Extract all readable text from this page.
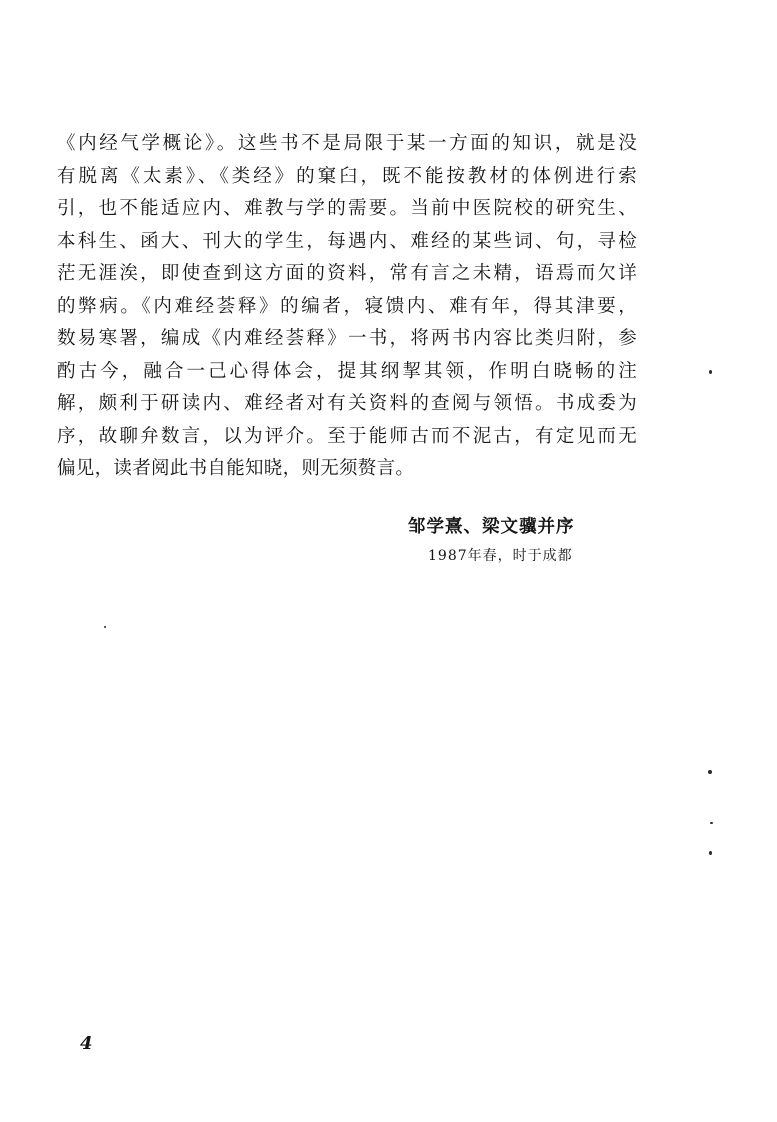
《内经气学概论》。这些书不是局限于某一方面的知识，就是没
有脱离《太素》、《类经》的窠臼，既不能按教材的体例进行索
引，也不能适应内、难教与学的需要。当前中医院校的研究生、
本科生、函大、刊大的学生，每遇内、难经的某些词、句，寻检
茫无涯涘，即使查到这方面的资料，常有言之未精，语焉而欠详
的弊病。《内难经荟释》的编者，寝馈内、难有年，得其津要，
数易寒署，编成《内难经荟释》一书，将两书内容比类归附，参
酌古今，融合一己心得体会，提其纲挈其领，作明白晓畅的注
解，颇利于研读内、难经者对有关资料的查阅与领悟。书成委为
序，故聊弁数言，以为评介。至于能师古而不泥古，有定见而无
偏见，读者阅此书自能知晓，则无须赘言。
邹学熹、梁文骥并序
1987年春，时于成都
4
